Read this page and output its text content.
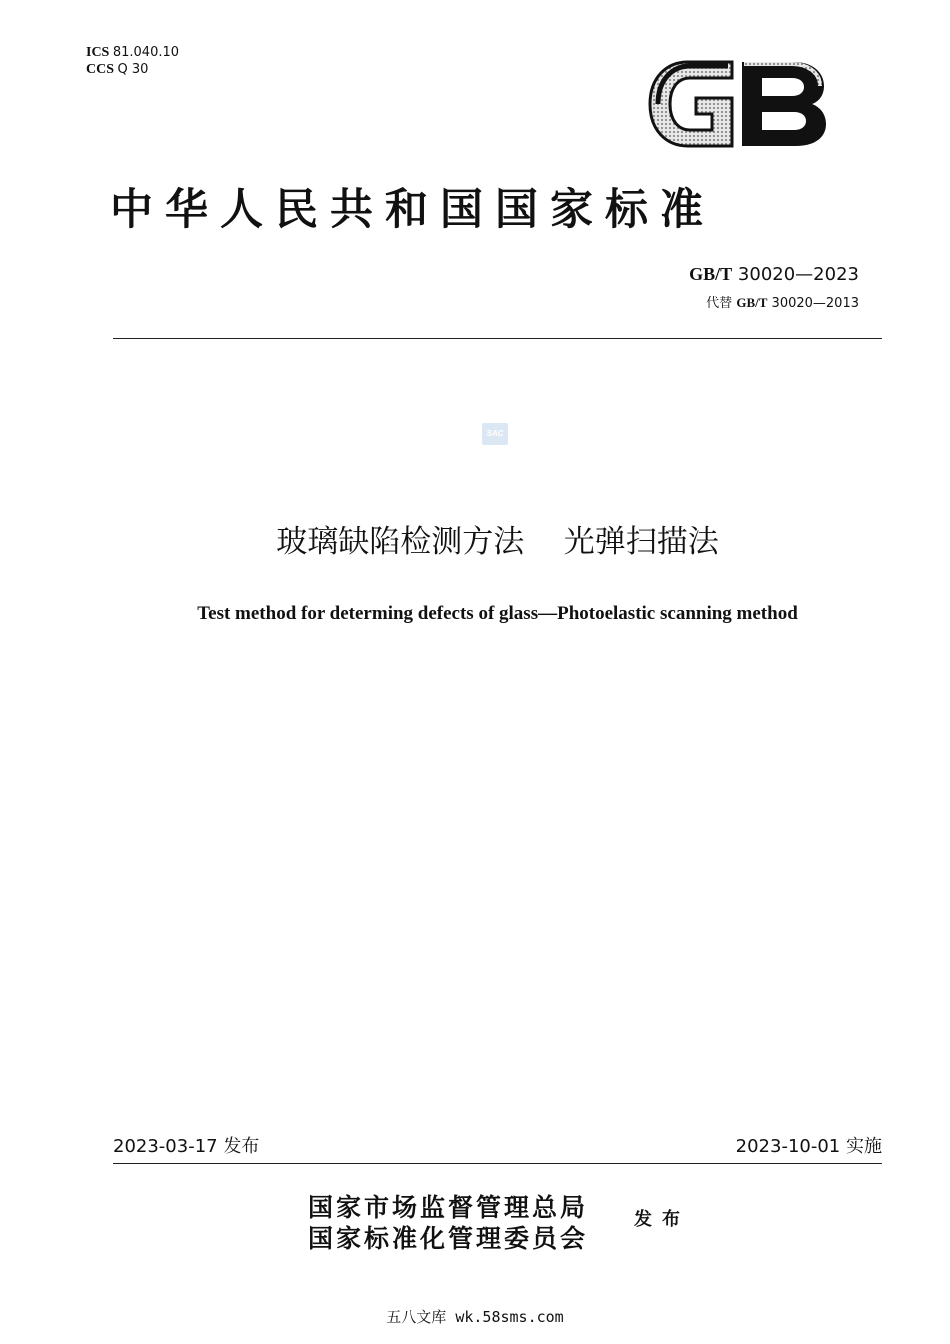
ICS 81.040.10
CCS Q 30
GB
中华人民共和国国家标准
GB/T 30020—2023
代替 GB/T 30020—2013
SAC
玻璃缺陷检测方法    光弹扫描法
Test method for determing defects of glass—Photoelastic scanning method
2023-03-17 发布	2023-10-01 实施
国家市场监督管理总局
国家标准化管理委员会
发布
五八文库 wk.58sms.com
